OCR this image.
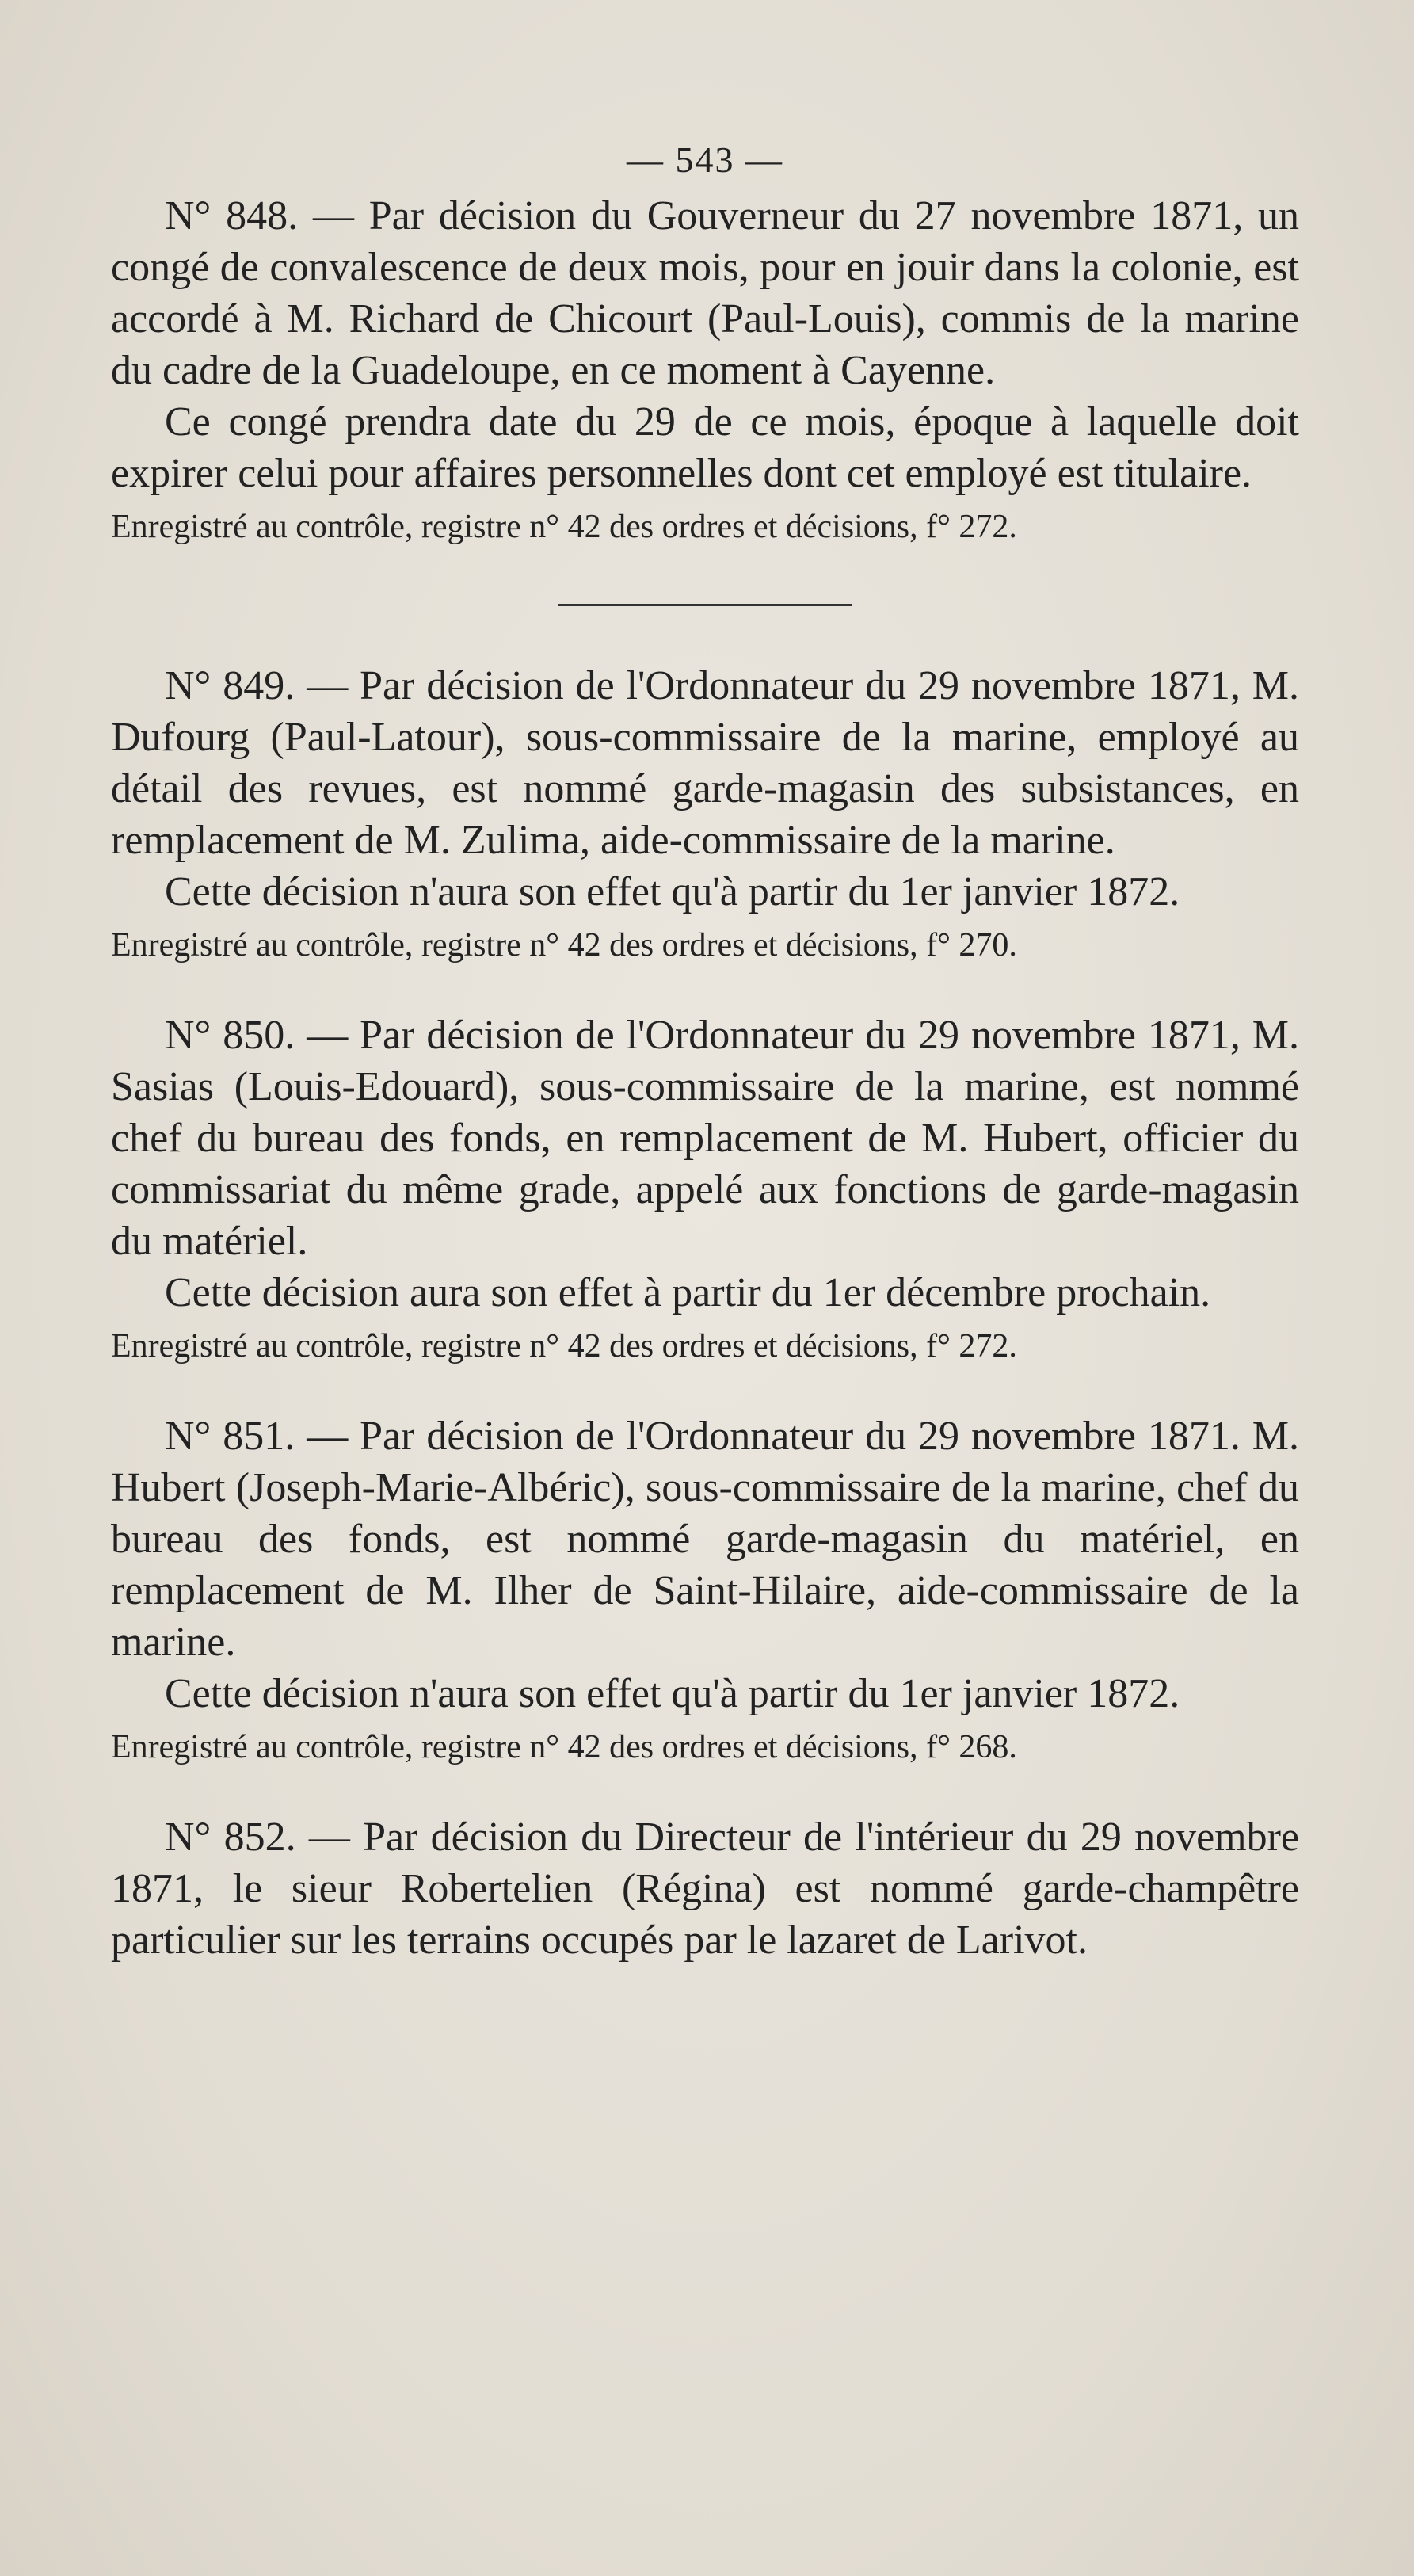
— 543 —

N° 848. — Par décision du Gouverneur du 27 novembre 1871, un congé de convalescence de deux mois, pour en jouir dans la colonie, est accordé à M. Richard de Chicourt (Paul-Louis), commis de la marine du cadre de la Guadeloupe, en ce moment à Cayenne.

Ce congé prendra date du 29 de ce mois, époque à laquelle doit expirer celui pour affaires personnelles dont cet employé est titulaire.

Enregistré au contrôle, registre n° 42 des ordres et décisions, f° 272.

N° 849. — Par décision de l'Ordonnateur du 29 novembre 1871, M. Dufourg (Paul-Latour), sous-commissaire de la marine, employé au détail des revues, est nommé garde-magasin des subsistances, en remplacement de M. Zulima, aide-commissaire de la marine.

Cette décision n'aura son effet qu'à partir du 1er janvier 1872.

Enregistré au contrôle, registre n° 42 des ordres et décisions, f° 270.

N° 850. — Par décision de l'Ordonnateur du 29 novembre 1871, M. Sasias (Louis-Edouard), sous-commissaire de la marine, est nommé chef du bureau des fonds, en remplacement de M. Hubert, officier du commissariat du même grade, appelé aux fonctions de garde-magasin du matériel.

Cette décision aura son effet à partir du 1er décembre prochain.

Enregistré au contrôle, registre n° 42 des ordres et décisions, f° 272.

N° 851. — Par décision de l'Ordonnateur du 29 novembre 1871. M. Hubert (Joseph-Marie-Albéric), sous-commissaire de la marine, chef du bureau des fonds, est nommé garde-magasin du matériel, en remplacement de M. Ilher de Saint-Hilaire, aide-commissaire de la marine.

Cette décision n'aura son effet qu'à partir du 1er janvier 1872.

Enregistré au contrôle, registre n° 42 des ordres et décisions, f° 268.

N° 852. — Par décision du Directeur de l'intérieur du 29 novembre 1871, le sieur Robertelien (Régina) est nommé garde-champêtre particulier sur les terrains occupés par le lazaret de Larivot.
